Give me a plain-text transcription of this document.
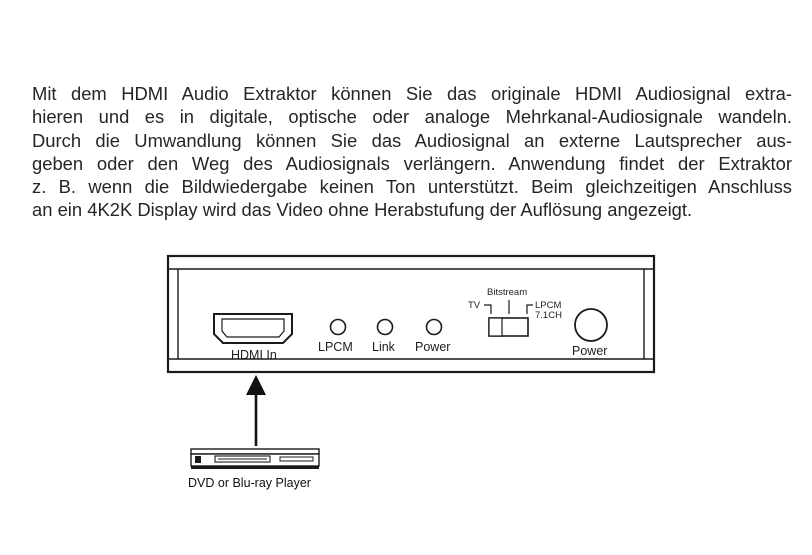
Mit dem HDMI Audio Extraktor können Sie das originale HDMI Audiosignal extra-
hieren und es in digitale, optische oder analoge Mehrkanal-Audiosignale wandeln.
Durch die Umwandlung können Sie das Audiosignal an externe Lautsprecher aus-
geben oder den Weg des Audiosignals verlängern. Anwendung findet der Extraktor
z. B. wenn die Bildwiedergabe keinen Ton unterstützt. Beim gleichzeitigen Anschluss
an ein 4K2K Display wird das Video ohne Herabstufung der Auflösung angezeigt.
HDMI In
LPCM Link Power	Power
Bitstream
TV	LPCM
7.1CH
DVD or Blu-ray Player
